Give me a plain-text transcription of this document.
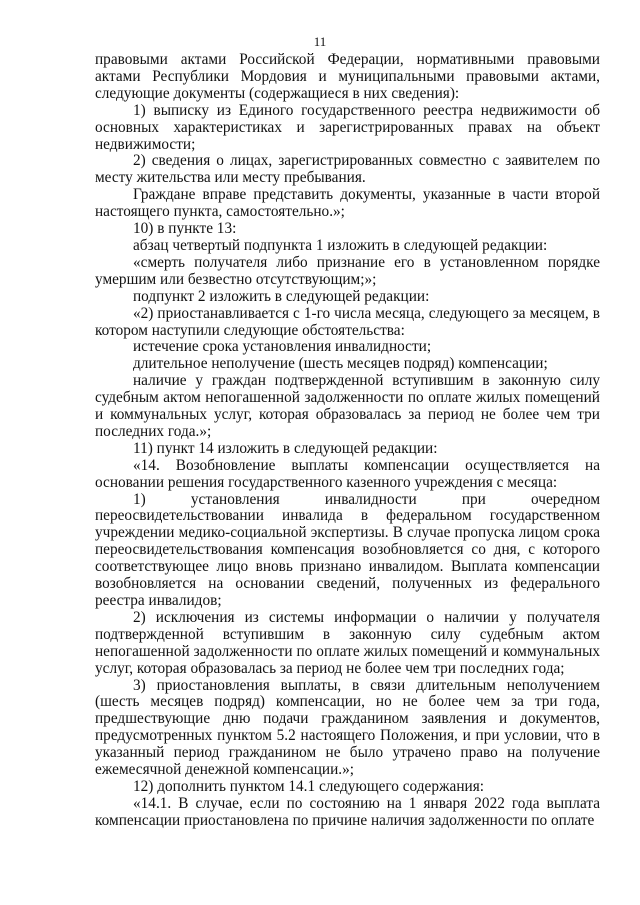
11

правовыми актами Российской Федерации, нормативными правовыми актами Республики Мордовия и муниципальными правовыми актами, следующие документы (содержащиеся в них сведения):

1) выписку из Единого государственного реестра недвижимости об основных характеристиках и зарегистрированных правах на объект недвижимости;

2) сведения о лицах, зарегистрированных совместно с заявителем по месту жительства или месту пребывания.

Граждане вправе представить документы, указанные в части второй настоящего пункта, самостоятельно.»;

10) в пункте 13:

абзац четвертый подпункта 1 изложить в следующей редакции:

«смерть получателя либо признание его в установленном порядке умершим или безвестно отсутствующим;»;

подпункт 2 изложить в следующей редакции:

«2) приостанавливается с 1-го числа месяца, следующего за месяцем, в котором наступили следующие обстоятельства:

истечение срока установления инвалидности;

длительное неполучение (шесть месяцев подряд) компенсации;

наличие у граждан подтвержденной вступившим в законную силу судебным актом непогашенной задолженности по оплате жилых помещений и коммунальных услуг, которая образовалась за период не более чем три последних года.»;

11) пункт 14 изложить в следующей редакции:

«14. Возобновление выплаты компенсации осуществляется на основании решения государственного казенного учреждения с месяца:

1) установления инвалидности при очередном переосвидетельствовании инвалида в федеральном государственном учреждении медико-социальной экспертизы. В случае пропуска лицом срока переосвидетельствования компенсация возобновляется со дня, с которого соответствующее лицо вновь признано инвалидом. Выплата компенсации возобновляется на основании сведений, полученных из федерального реестра инвалидов;

2) исключения из системы информации о наличии у получателя подтвержденной вступившим в законную силу судебным актом непогашенной задолженности по оплате жилых помещений и коммунальных услуг, которая образовалась за период не более чем три последних года;

3) приостановления выплаты, в связи длительным неполучением (шесть месяцев подряд) компенсации, но не более чем за три года, предшествующие дню подачи гражданином заявления и документов, предусмотренных пунктом 5.2 настоящего Положения, и при условии, что в указанный период гражданином не было утрачено право на получение ежемесячной денежной компенсации.»;

12) дополнить пунктом 14.1 следующего содержания:

«14.1. В случае, если по состоянию на 1 января 2022 года выплата компенсации приостановлена по причине наличия задолженности по оплате
